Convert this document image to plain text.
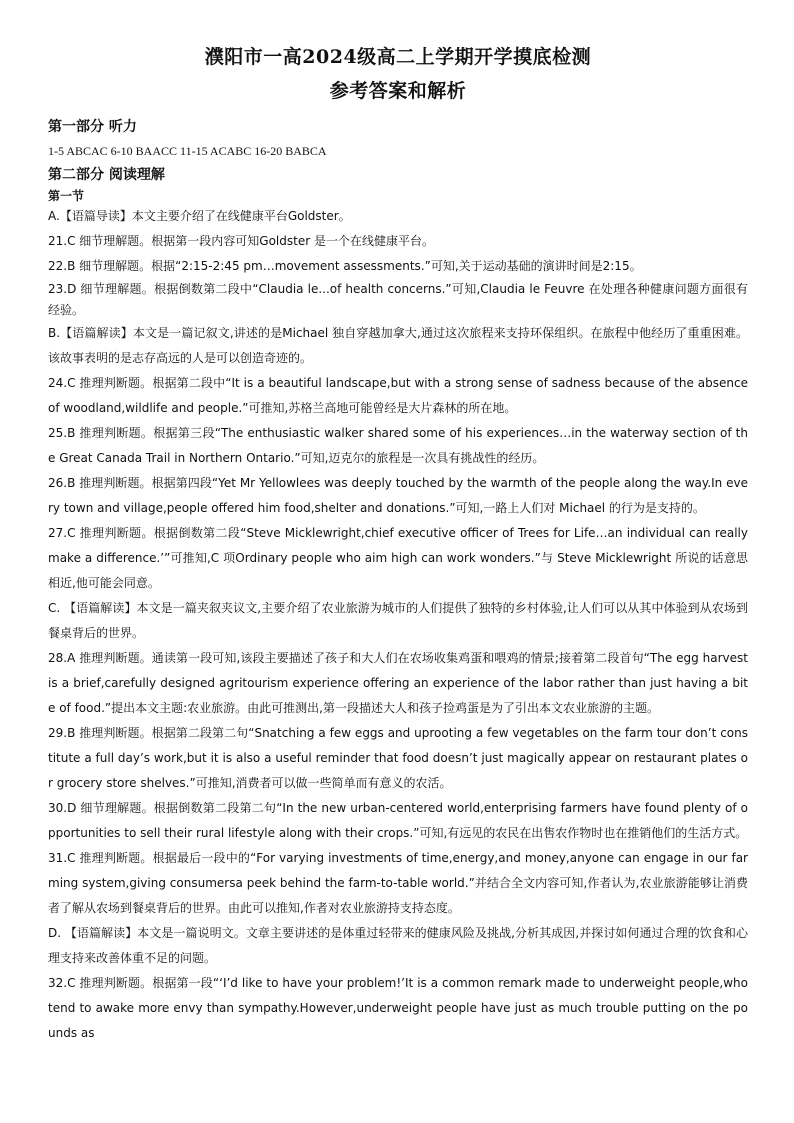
濮阳市一高2024级高二上学期开学摸底检测
参考答案和解析
第一部分 听力
1-5 ABCAC 6-10 BAACC 11-15 ACABC 16-20 BABCA
第二部分 阅读理解
第一节
A.【语篇导读】本文主要介绍了在线健康平台Goldster。
21.C 细节理解题。根据第一段内容可知Goldster 是一个在线健康平台。
22.B 细节理解题。根据“2:15-2:45 pm…movement assessments.”可知,关于运动基础的演讲时间是2:15。
23.D 细节理解题。根据倒数第二段中“Claudia le...of health concerns.”可知,Claudia le Feuvre 在处理各种健康问题方面很有经验。
B.【语篇解读】本文是一篇记叙文,讲述的是Michael 独自穿越加拿大,通过这次旅程来支持环保组织。在旅程中他经历了重重困难。该故事表明的是志存高远的人是可以创造奇迹的。
24.C 推理判断题。根据第二段中“It is a beautiful landscape,but with a strong sense of sadness because of the absence of woodland,wildlife and people.”可推知,苏格兰高地可能曾经是大片森林的所在地。
25.B 推理判断题。根据第三段“The enthusiastic walker shared some of his experiences…in the waterway section of the Great Canada Trail in Northern Ontario.”可知,迈克尔的旅程是一次具有挑战性的经历。
26.B 推理判断题。根据第四段“Yet Mr Yellowlees was deeply touched by the warmth of the people along the way.In every town and village,people offered him food,shelter and donations.”可知,一路上人们对 Michael 的行为是支持的。
27.C 推理判断题。根据倒数第二段“Steve Micklewright,chief executive officer of Trees for Life…an individual can really make a difference.’”可推知,C 项Ordinary people who aim high can work wonders.”与 Steve Micklewright 所说的话意思相近,他可能会同意。
C. 【语篇解读】本文是一篇夹叙夹议文,主要介绍了农业旅游为城市的人们提供了独特的乡村体验,让人们可以从其中体验到从农场到餐桌背后的世界。
28.A 推理判断题。通读第一段可知,该段主要描述了孩子和大人们在农场收集鸡蛋和喂鸡的情景;接着第二段首句“The egg harvest is a brief,carefully designed agritourism experience offering an experience of the labor rather than just having a bite of food.”提出本文主题:农业旅游。由此可推测出,第一段描述大人和孩子捡鸡蛋是为了引出本文农业旅游的主题。
29.B 推理判断题。根据第二段第二句“Snatching a few eggs and uprooting a few vegetables on the farm tour don’t constitute a full day’s work,but it is also a useful reminder that food doesn’t just magically appear on restaurant plates or grocery store shelves.”可推知,消费者可以做一些简单而有意义的农活。
30.D 细节理解题。根据倒数第二段第二句“In the new urban-centered world,enterprising farmers have found plenty of opportunities to sell their rural lifestyle along with their crops.”可知,有远见的农民在出售农作物时也在推销他们的生活方式。
31.C 推理判断题。根据最后一段中的“For varying investments of time,energy,and money,anyone can engage in our farming system,giving consumersa peek behind the farm-to-table world.”并结合全文内容可知,作者认为,农业旅游能够让消费者了解从农场到餐桌背后的世界。由此可以推知,作者对农业旅游持支持态度。
D. 【语篇解读】本文是一篇说明文。文章主要讲述的是体重过轻带来的健康风险及挑战,分析其成因,并探讨如何通过合理的饮食和心理支持来改善体重不足的问题。
32.C 推理判断题。根据第一段“‘I’d like to have your problem!’It is a common remark made to underweight people,who tend to awake more envy than sympathy.However,underweight people have just as much trouble putting on the pounds as
